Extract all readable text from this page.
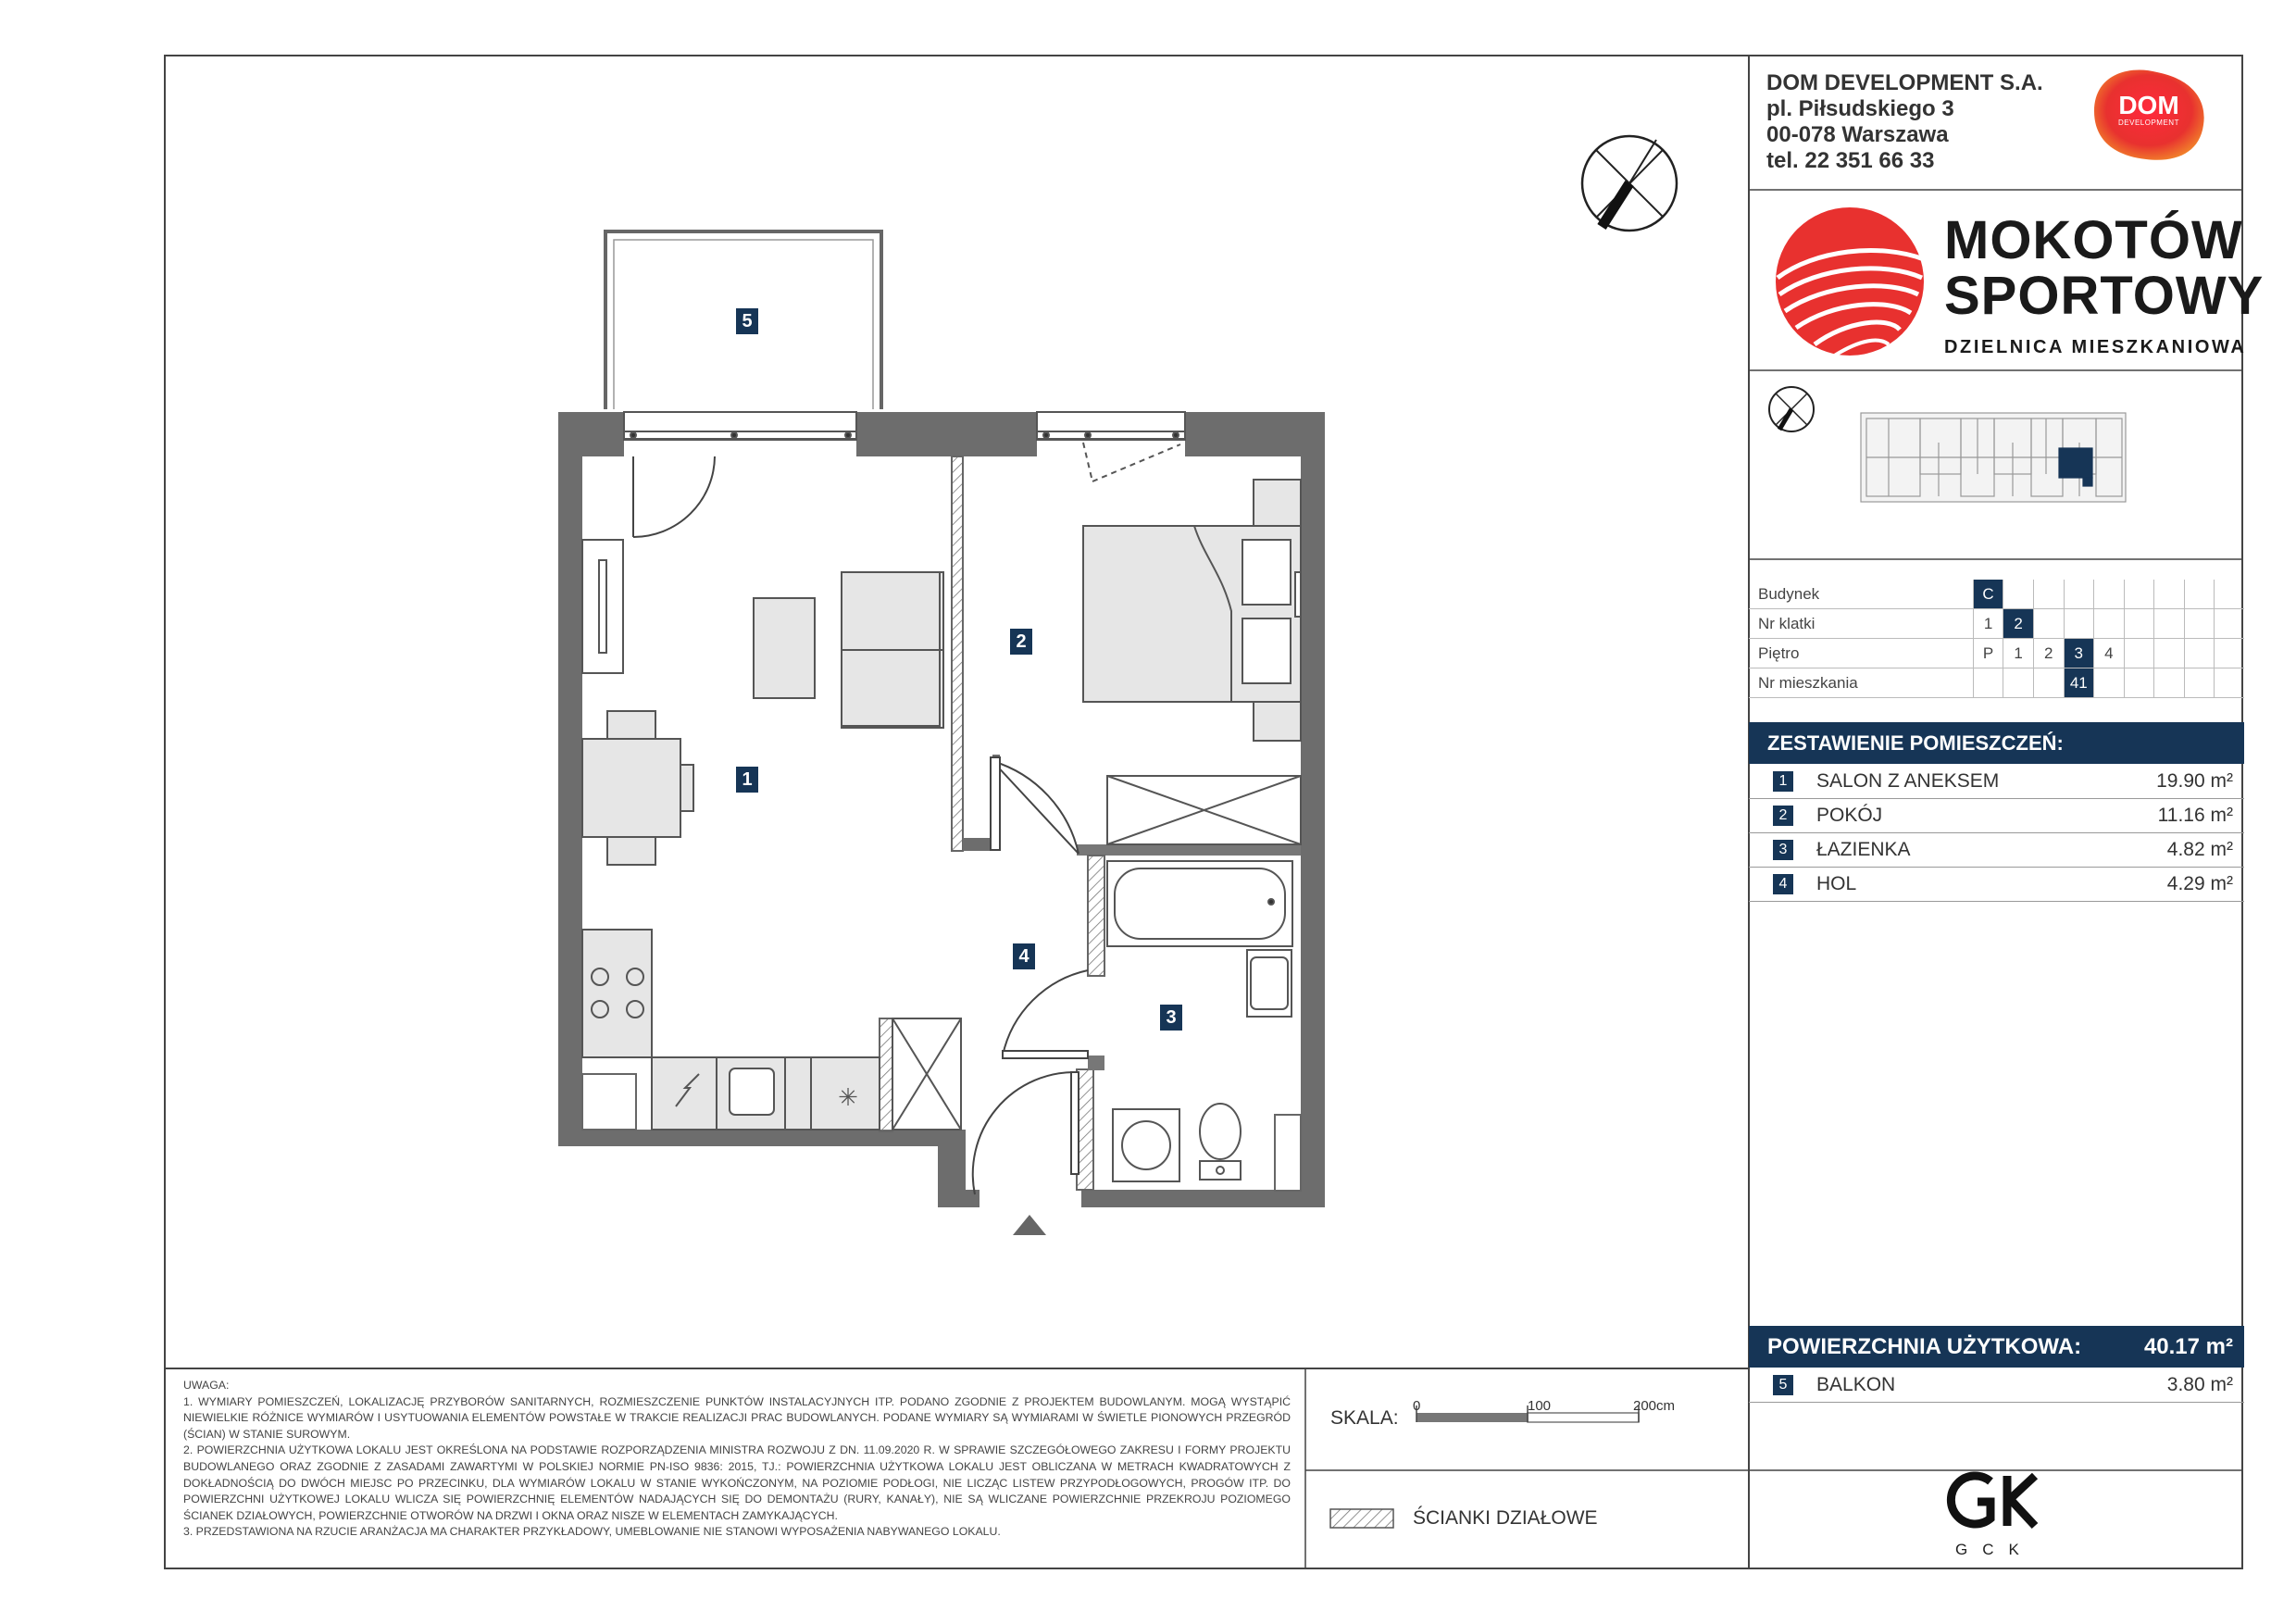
✳
5
1
2
4
3
DOM DEVELOPMENT S.A.
pl. Piłsudskiego 3
00-078 Warszawa
tel. 22 351 66 33
DOM
DEVELOPMENT
MOKOTÓW
SPORTOWY
DZIELNICA MIESZKANIOWA
Budynek	C								
Nr klatki	1	2							
Piętro	P	1	2	3	4				
Nr mieszkania				41					
ZESTAWIENIE POMIESZCZEŃ:
1	SALON Z ANEKSEM	19.90 m²
2	POKÓJ	11.16 m²
3	ŁAZIENKA	4.82 m²
4	HOL	4.29 m²
POWIERZCHNIA UŻYTKOWA:	40.17 m²
5	BALKON	3.80 m²

UWAGA:

1. WYMIARY POMIESZCZEŃ, LOKALIZACJĘ PRZYBORÓW SANITARNYCH, ROZMIESZCZENIE PUNKTÓW INSTALACYJNYCH ITP. PODANO ZGODNIE Z PROJEKTEM BUDOWLANYM. MOGĄ WYSTĄPIĆ NIEWIELKIE RÓŻNICE WYMIARÓW I USYTUOWANIA ELEMENTÓW POWSTAŁE W TRAKCIE REALIZACJI PRAC BUDOWLANYCH. PODANE WYMIARY SĄ WYMIARAMI W ŚWIETLE PIONOWYCH PRZEGRÓD (ŚCIAN) W STANIE SUROWYM.

2. POWIERZCHNIA UŻYTKOWA LOKALU JEST OKREŚLONA NA PODSTAWIE ROZPORZĄDZENIA MINISTRA ROZWOJU Z DN. 11.09.2020 R. W SPRAWIE SZCZEGÓŁOWEGO ZAKRESU I FORMY PROJEKTU BUDOWLANEGO ORAZ ZGODNIE Z ZASADAMI ZAWARTYMI W POLSKIEJ NORMIE PN-ISO 9836: 2015, TJ.: POWIERZCHNIA UŻYTKOWA LOKALU JEST OBLICZANA W METRACH KWADRATOWYCH Z DOKŁADNOŚCIĄ DO DWÓCH MIEJSC PO PRZECINKU, DLA WYMIARÓW LOKALU W STANIE WYKOŃCZONYM, NA POZIOMIE PODŁOGI, NIE LICZĄC LISTEW PRZYPODŁOGOWYCH, PROGÓW ITP. DO POWIERZCHNI UŻYTKOWEJ LOKALU WLICZA SIĘ POWIERZCHNIĘ ELEMENTÓW NADAJĄCYCH SIĘ DO DEMONTAŻU (RURY, KANAŁY), NIE SĄ WLICZANE POWIERZCHNIE PRZEKROJU POZIOMEGO ŚCIANEK DZIAŁOWYCH, POWIERZCHNIE OTWORÓW NA DRZWI I OKNA ORAZ NISZE W ELEMENTACH ZAMYKAJĄCYCH.

3. PRZEDSTAWIONA NA RZUCIE ARANŻACJA MA CHARAKTER PRZYKŁADOWY, UMEBLOWANIE NIE STANOWI WYPOSAŻENIA NABYWANEGO LOKALU.

SKALA:
0	100	200cm
ŚCIANKI DZIAŁOWE
GCK
